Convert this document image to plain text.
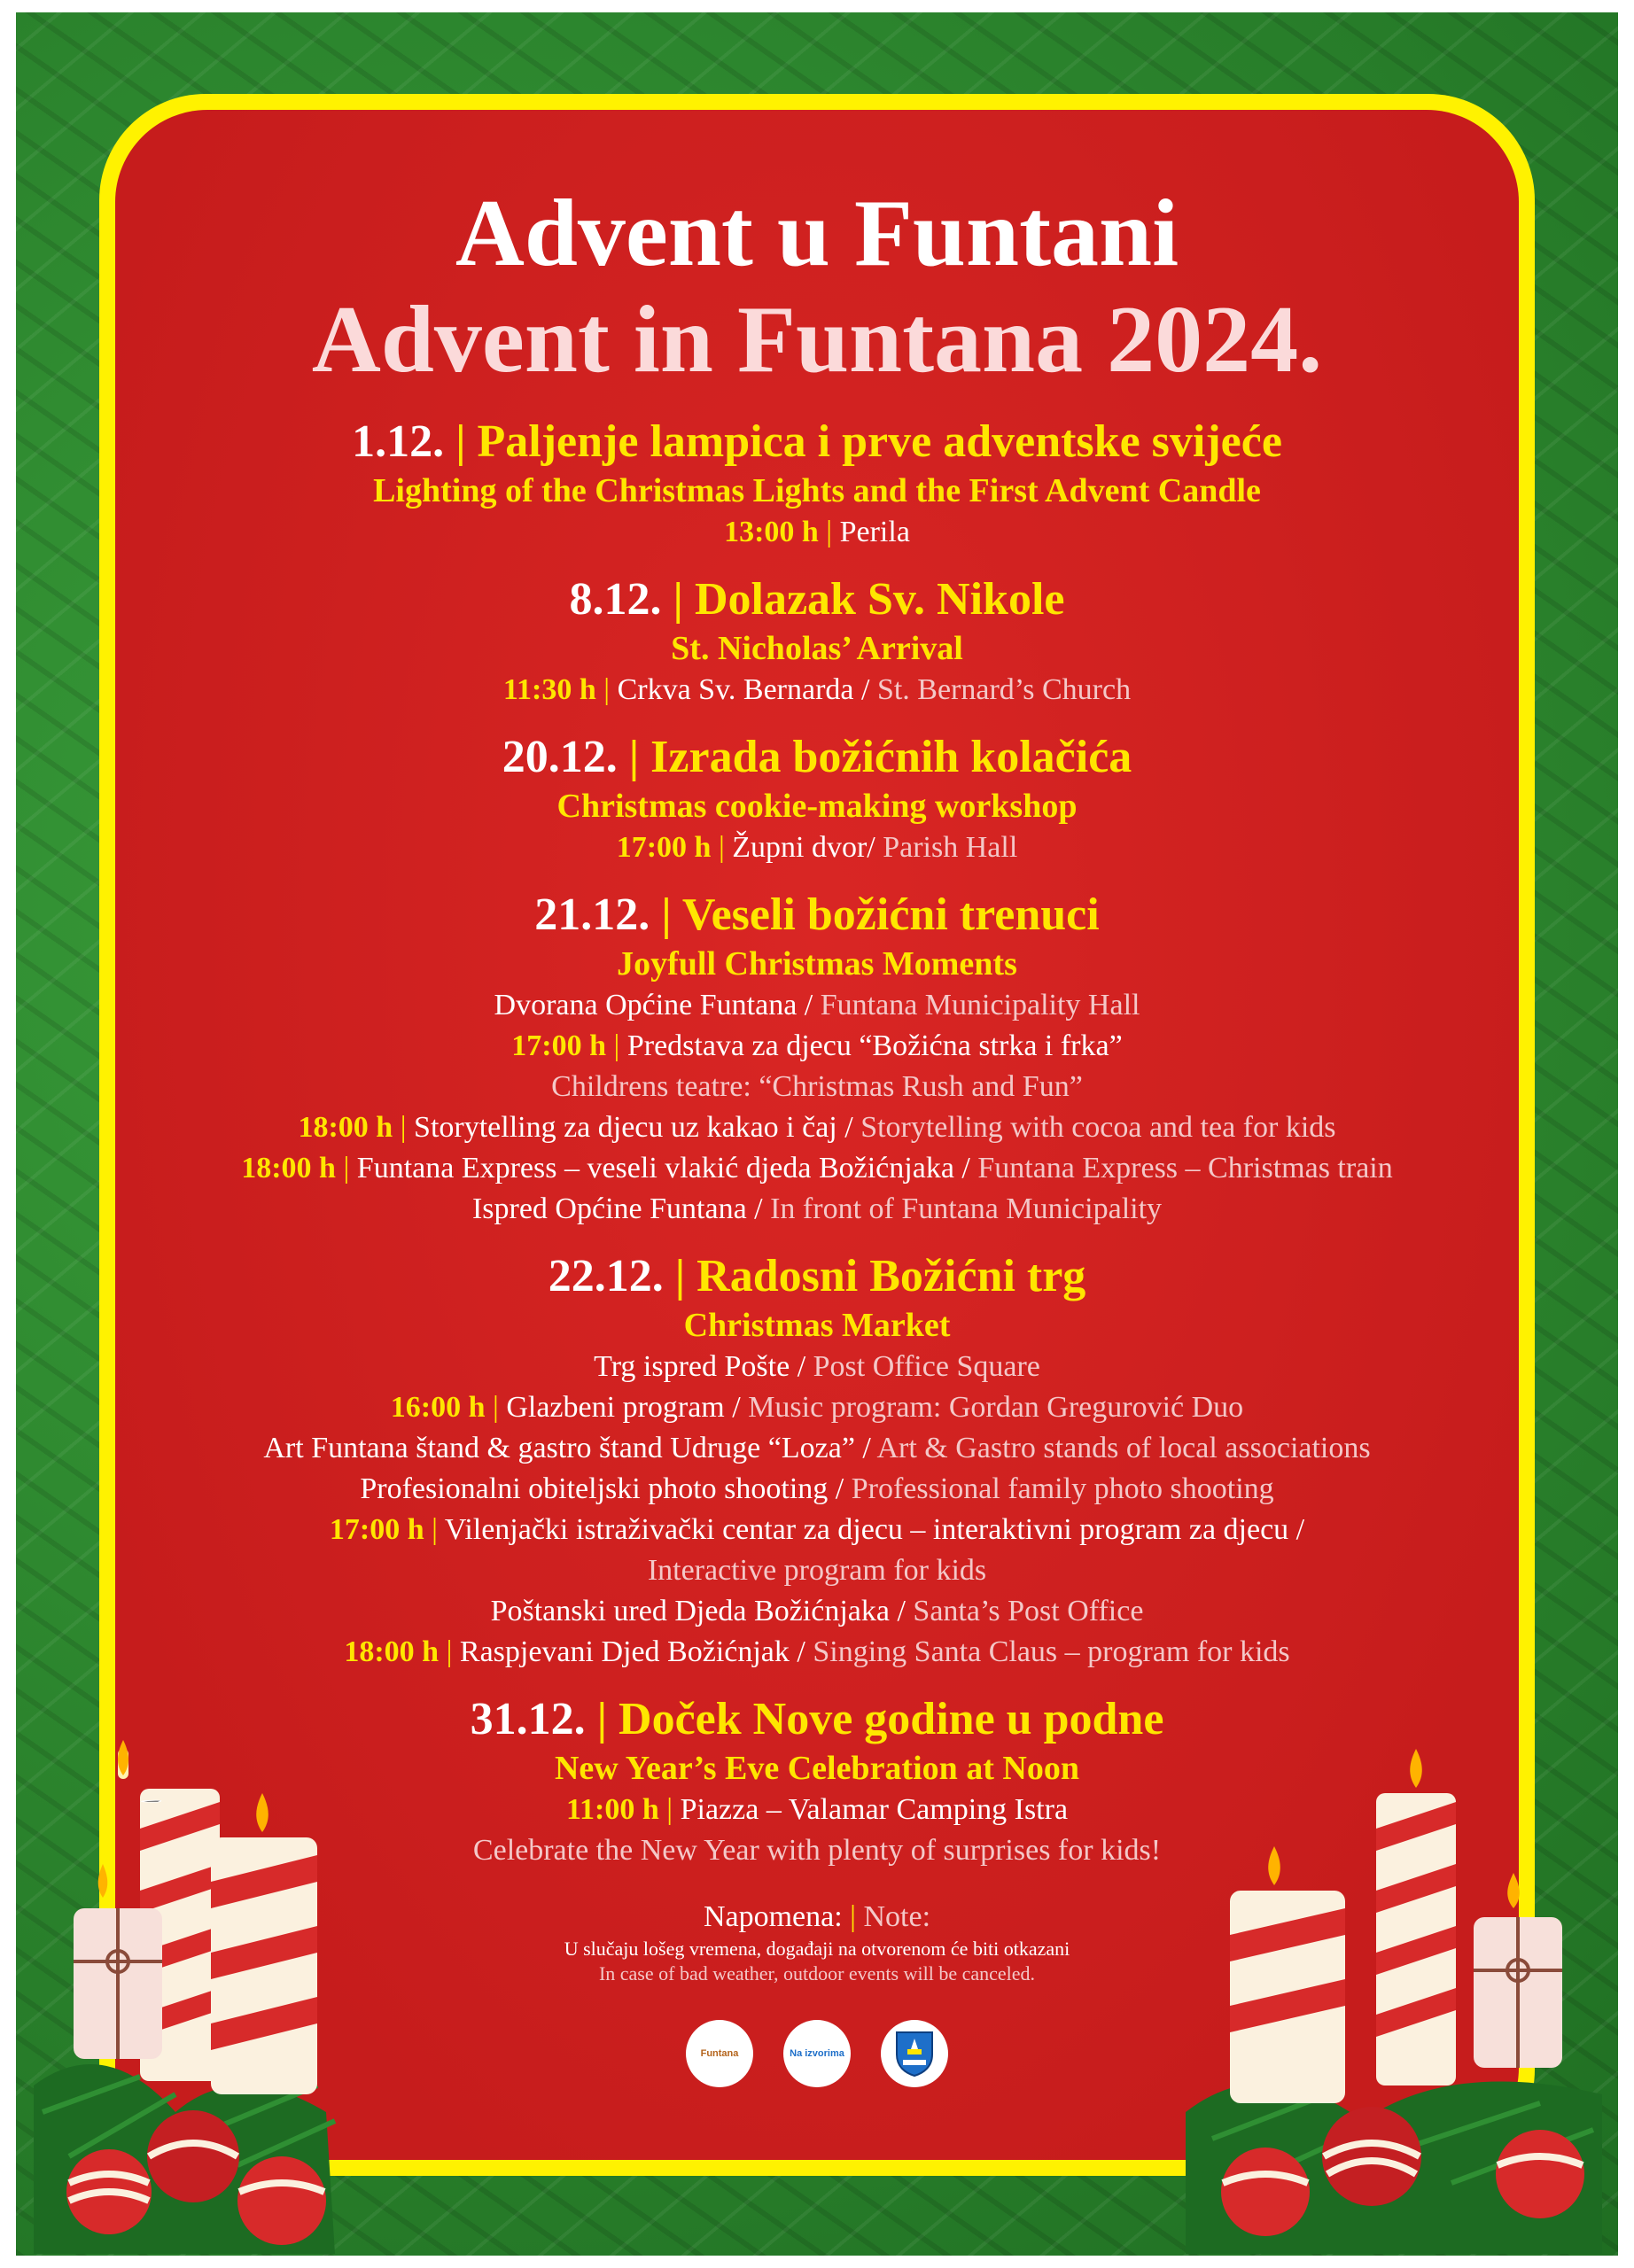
Advent u Funtani
Advent in Funtana 2024.
1.12. | Paljenje lampica i prve adventske svijeće
Lighting of the Christmas Lights and the First Advent Candle
13:00 h | Perila
8.12. | Dolazak Sv. Nikole
St. Nicholas’ Arrival
11:30 h | Crkva Sv. Bernarda / St. Bernard’s Church
20.12. | Izrada božićnih kolačića
Christmas cookie-making workshop
17:00 h | Župni dvor/ Parish Hall
21.12. | Veseli božićni trenuci
Joyfull Christmas Moments
Dvorana Općine Funtana / Funtana Municipality Hall
17:00 h | Predstava za djecu “Božićna strka i frka”
Childrens teatre: “Christmas Rush and Fun”
18:00 h | Storytelling za djecu uz kakao i čaj / Storytelling with cocoa and tea for kids
18:00 h | Funtana Express – veseli vlakić djeda Božićnjaka / Funtana Express – Christmas train
Ispred Općine Funtana / In front of Funtana Municipality
22.12. | Radosni Božićni trg
Christmas Market
Trg ispred Pošte / Post Office Square
16:00 h | Glazbeni program / Music program: Gordan Gregurović Duo
Art Funtana štand & gastro štand Udruge “Loza” / Art & Gastro stands of local associations
Profesionalni obiteljski photo shooting / Professional family photo shooting
17:00 h | Vilenjački istraživački centar za djecu – interaktivni program za djecu /
Interactive program for kids
Poštanski ured Djeda Božićnjaka / Santa’s Post Office
18:00 h | Raspjevani Djed Božićnjak / Singing Santa Claus – program for kids
31.12. | Doček Nove godine u podne
New Year’s Eve Celebration at Noon
11:00 h | Piazza – Valamar Camping Istra
Celebrate the New Year with plenty of surprises for kids!
Napomena: | Note:
U slučaju lošeg vremena, događaji na otvorenom će biti otkazani
In case of bad weather, outdoor events will be canceled.
Funtana	Na izvorima
